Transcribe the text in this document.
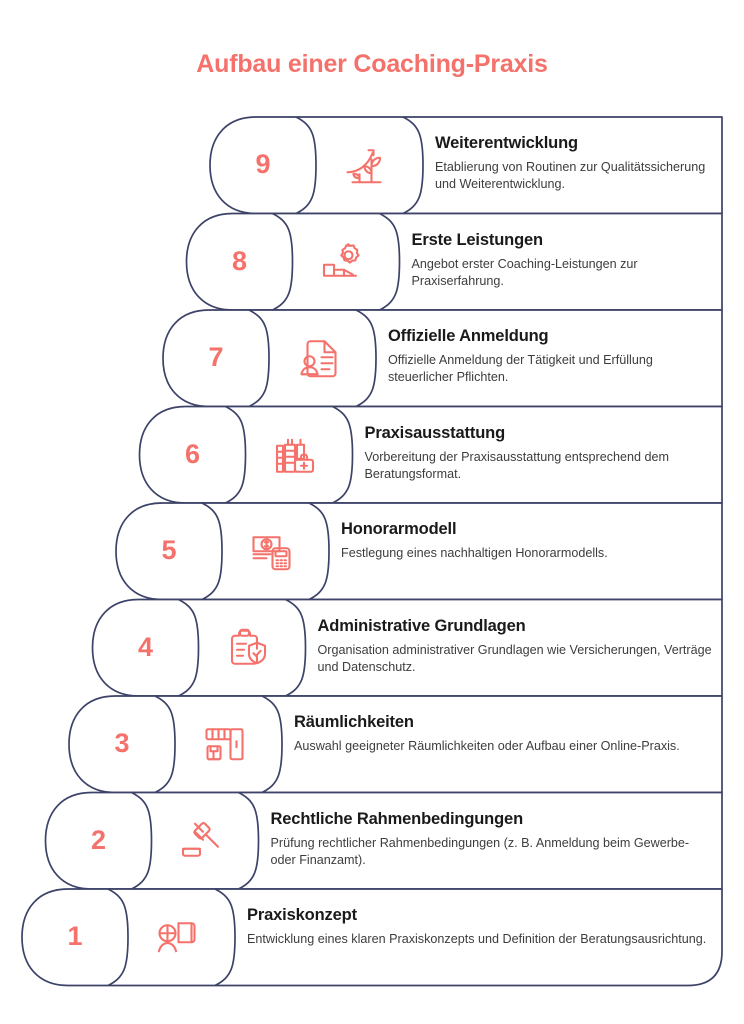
Aufbau einer Coaching-Praxis
1
Praxiskonzept
Entwicklung eines klaren Praxiskonzepts und Definition der Beratungsausrichtung.
2
Rechtliche Rahmenbedingungen
Prüfung rechtlicher Rahmenbedingungen (z. B. Anmeldung beim Gewerbe- oder Finanzamt).
3
Räumlichkeiten
Auswahl geeigneter Räumlichkeiten oder Aufbau einer Online-Praxis.
4
Administrative Grundlagen
Organisation administrativer Grundlagen wie Versicherungen, Verträge und Datenschutz.
5
Honorarmodell
Festlegung eines nachhaltigen Honorarmodells.
6
Praxisausstattung
Vorbereitung der Praxisausstattung entsprechend dem Beratungsformat.
7
Offizielle Anmeldung
Offizielle Anmeldung der Tätigkeit und Erfüllung steuerlicher Pflichten.
8
Erste Leistungen
Angebot erster Coaching-Leistungen zur Praxiserfahrung.
9
Weiterentwicklung
Etablierung von Routinen zur Qualitätssicherung und Weiterentwicklung.
